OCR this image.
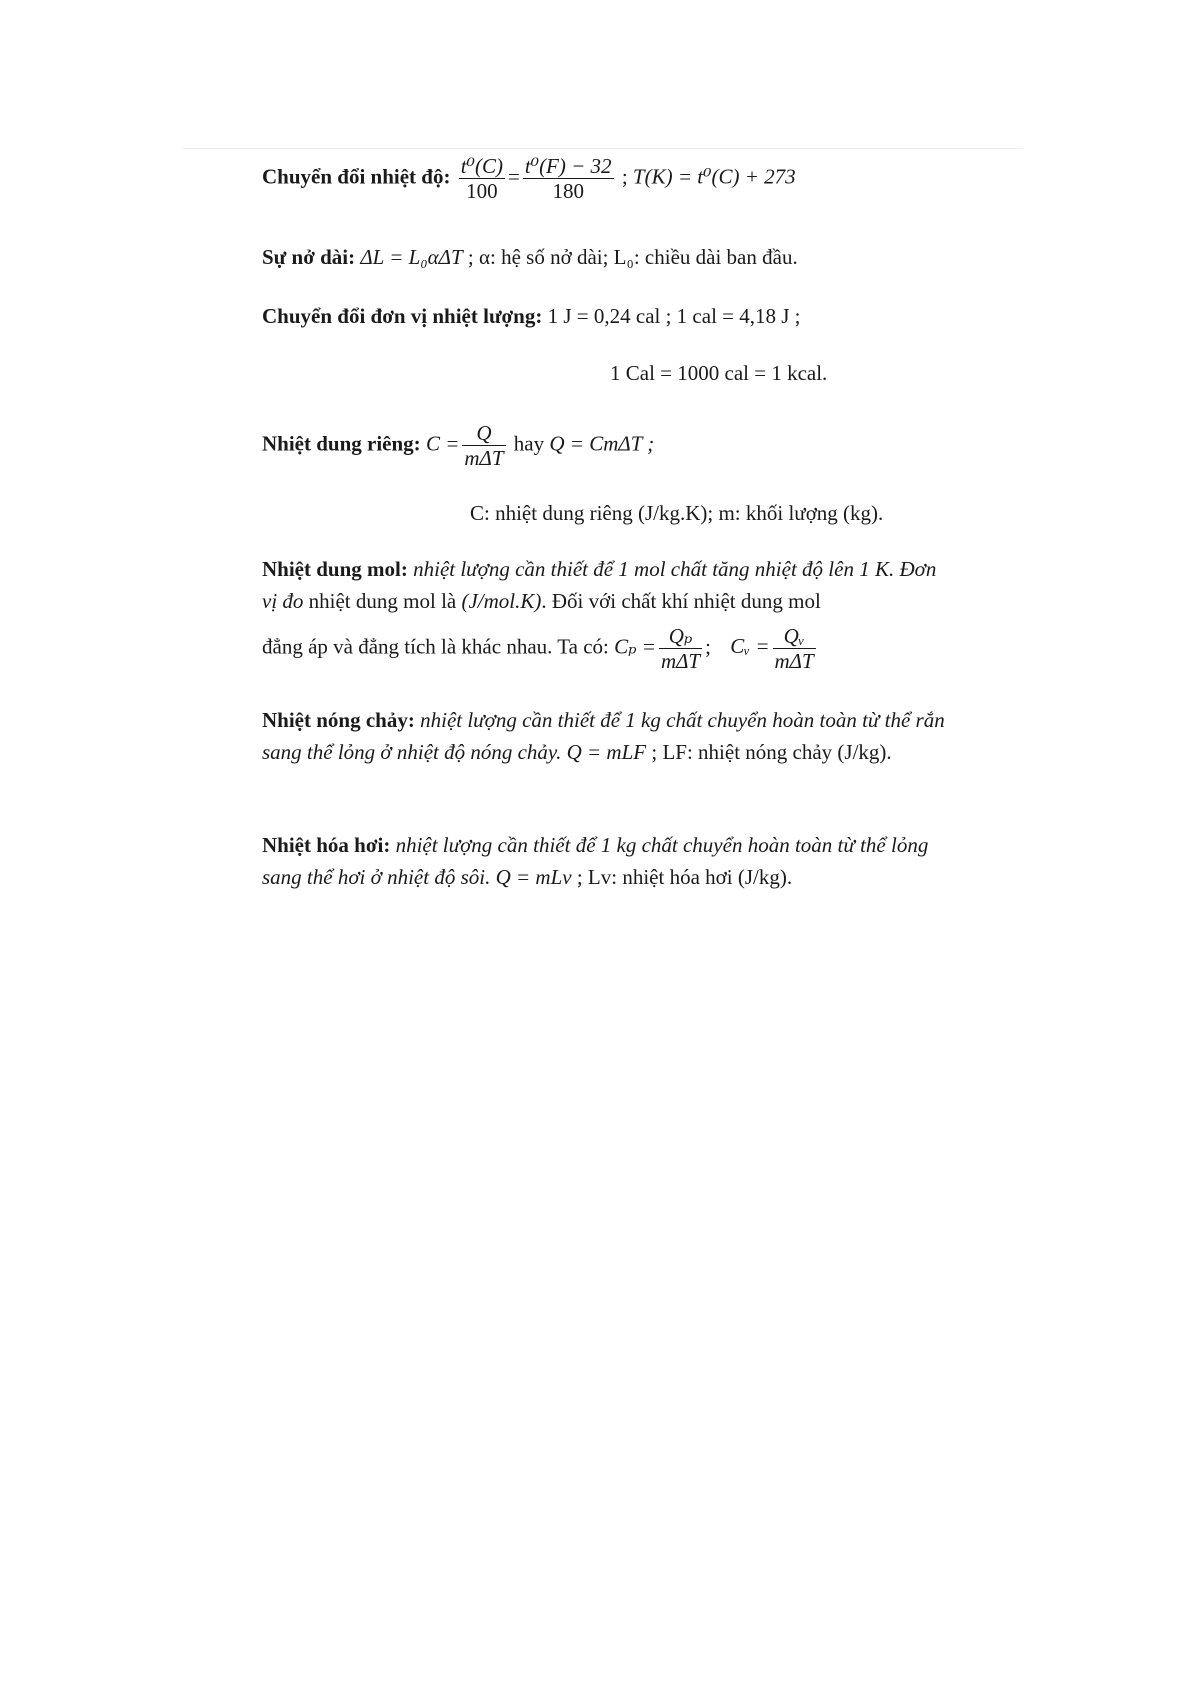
Chuyển đổi nhiệt độ: $\frac{\text{t⁰(C)}}{100} = \frac{\text{t⁰(F) − 32}}{180}$ ; T(K) = t⁰(C) + 273
Sự nở dài: ΔL = L₀αΔT ; α: hệ số nở dài; L₀: chiều dài ban đầu.
Chuyển đổi đơn vị nhiệt lượng: 1 J = 0,24 cal ; 1 cal = 4,18 J ;
1 Cal = 1000 cal = 1 kcal.
Nhiệt dung riêng: $C = \frac{Q}{\text{mΔT}}$ hay Q = CmΔT ;
C: nhiệt dung riêng (J/kg.K); m: khối lượng (kg).
Nhiệt dung mol: nhiệt lượng cần thiết để 1 mol chất tăng nhiệt độ lên 1 K. Đơn vị đo nhiệt dung mol là (J/mol.K). Đối với chất khí nhiệt dung mol
đẳng áp và đẳng tích là khác nhau. Ta có: $C_p = \frac{\text{Qₚ}}{\text{mΔT}}$ ; Cᵥ = $\frac{\text{Qᵥ}}{\text{mΔT}}$
Nhiệt nóng chảy: nhiệt lượng cần thiết để 1 kg chất chuyển hoàn toàn từ thể rắn sang thể lỏng ở nhiệt độ nóng chảy. Q = mLF ; LF: nhiệt nóng chảy (J/kg).
Nhiệt hóa hơi: nhiệt lượng cần thiết để 1 kg chất chuyển hoàn toàn từ thể lỏng sang thể hơi ở nhiệt độ sôi. Q = mLv ; Lv: nhiệt hóa hơi (J/kg).
